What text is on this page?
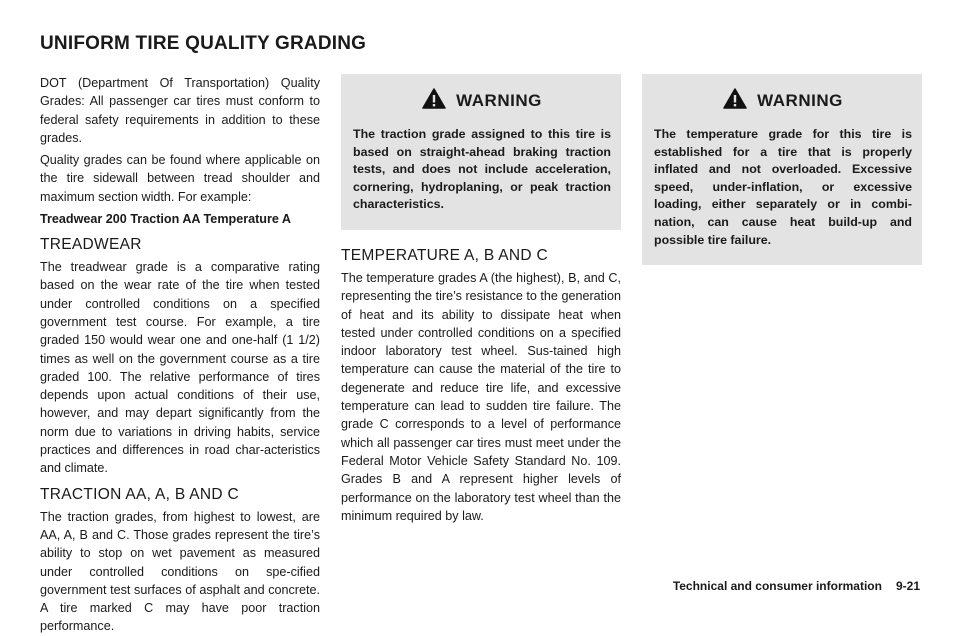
UNIFORM TIRE QUALITY GRADING

DOT (Department Of Transportation) Quality Grades: All passenger car tires must conform to federal safety requirements in addition to these grades.

Quality grades can be found where applicable on the tire sidewall between tread shoulder and maximum section width. For example:

Treadwear 200 Traction AA Temperature A
TREADWEAR

The treadwear grade is a comparative rating based on the wear rate of the tire when tested under controlled conditions on a specified government test course. For example, a tire graded 150 would wear one and one-half (1 1/2) times as well on the government course as a tire graded 100. The relative performance of tires depends upon actual conditions of their use, however, and may depart significantly from the norm due to variations in driving habits, service practices and differences in road char-acteristics and climate.

TRACTION AA, A, B AND C

The traction grades, from highest to lowest, are AA, A, B and C. Those grades represent the tire’s ability to stop on wet pavement as measured under controlled conditions on spe-cified government test surfaces of asphalt and concrete. A tire marked C may have poor traction performance.

WARNING

The traction grade assigned to this tire is based on straight-ahead braking traction tests, and does not include acceleration, cornering, hydroplaning, or peak traction characteristics.

TEMPERATURE A, B AND C

The temperature grades A (the highest), B, and C, representing the tire’s resistance to the generation of heat and its ability to dissipate heat when tested under controlled conditions on a specified indoor laboratory test wheel. Sus-tained high temperature can cause the material of the tire to degenerate and reduce tire life, and excessive temperature can lead to sudden tire failure. The grade C corresponds to a level of performance which all passenger car tires must meet under the Federal Motor Vehicle Safety Standard No. 109. Grades B and A represent higher levels of performance on the laboratory test wheel than the minimum required by law.

WARNING

The temperature grade for this tire is established for a tire that is properly inflated and not overloaded. Excessive speed, under-inflation, or excessive loading, either separately or in combi-nation, can cause heat build-up and possible tire failure.

Technical and consumer information 9-21
